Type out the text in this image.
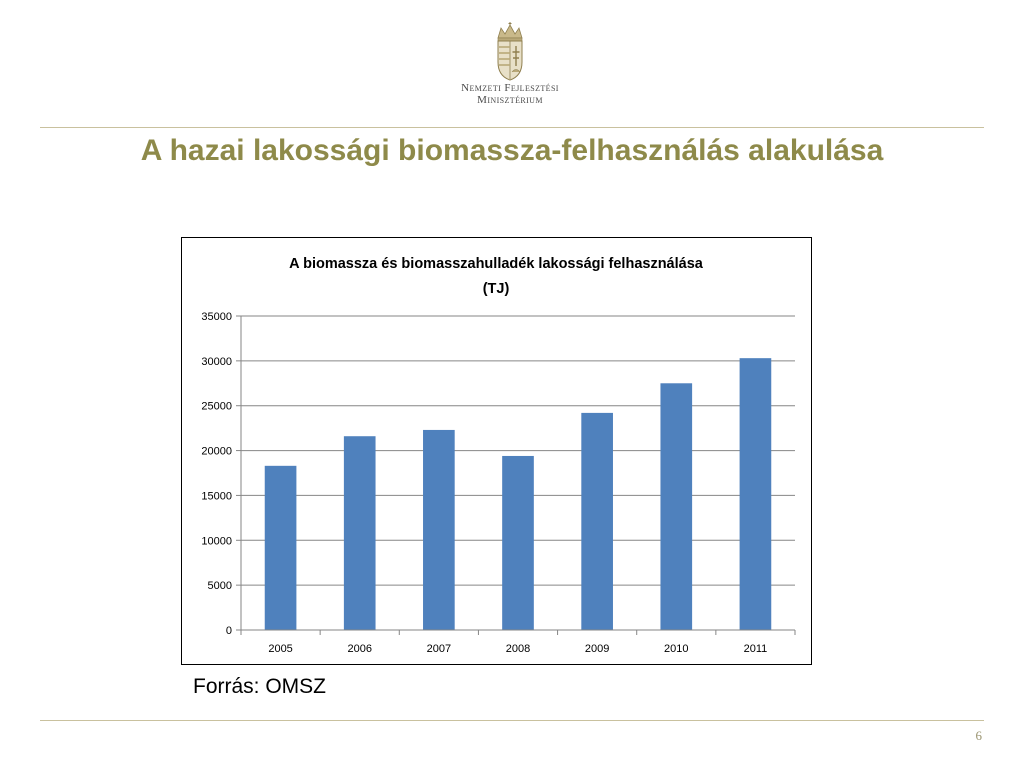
Nemzeti Fejlesztési
Minisztérium
A hazai lakossági biomassza-felhasználás alakulása
A biomassza és biomasszahulladék lakossági felhasználása
(TJ)
0
5000
10000
15000
20000
25000
30000
35000
2005	2006	2007	2008	2009	2010	2011
Forrás: OMSZ
6
